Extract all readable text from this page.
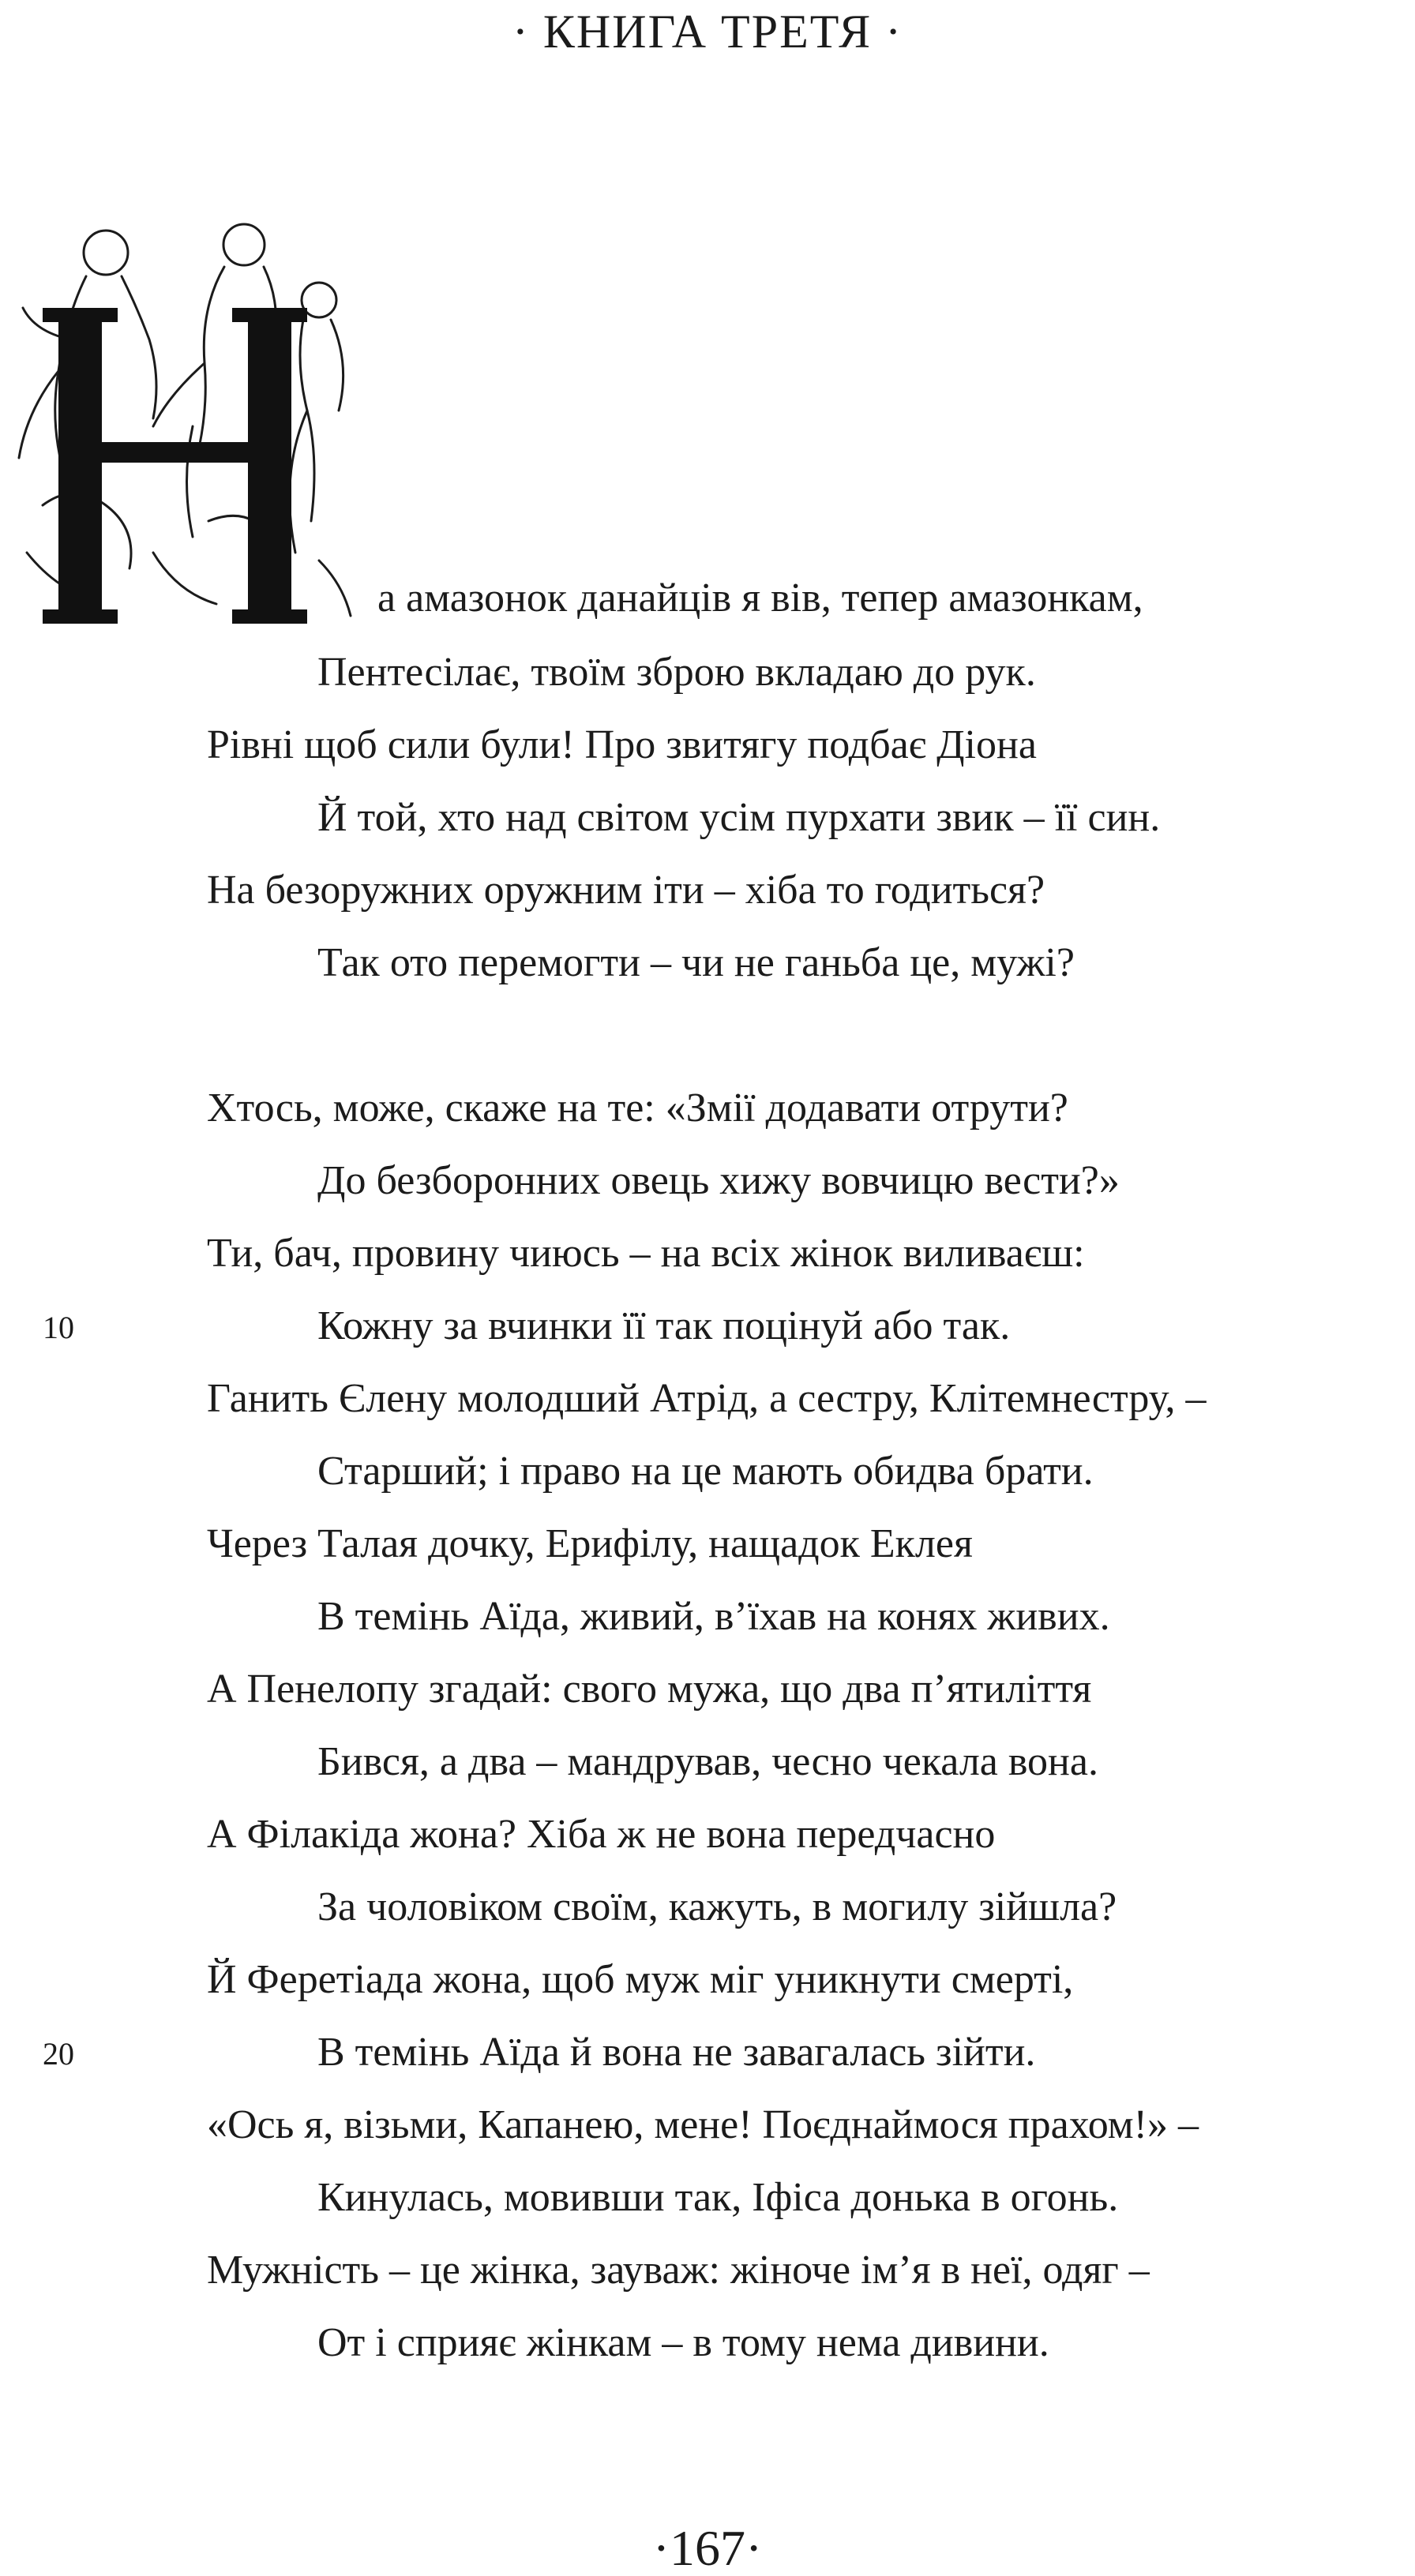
· КНИГА ТРЕТЯ ·
а амазонок данайців я вів, тепер амазонкам,
Пентесілає, твоїм зброю вкладаю до рук.
Рівні щоб сили були! Про звитягу подбає Діона
Й той, хто над світом усім пурхати звик – її син.
На безоружних оружним іти – хіба то годиться?
Так ото перемогти – чи не ганьба це, мужі?
Хтось, може, скаже на те: «Змії додавати отрути?
До безборонних овець хижу вовчицю вести?»
Ти, бач, провину чиюсь – на всіх жінок виливаєш:
Кожну за вчинки її так поцінуй або так.
Ганить Єлену молодший Атрід, а сестру, Клітемнестру, –
Старший; і право на це мають обидва брати.
Через Талая дочку, Ерифілу, нащадок Еклея
В темінь Аїда, живий, в’їхав на конях живих.
А Пенелопу згадай: свого мужа, що два п’ятиліття
Бився, а два – мандрував, чесно чекала вона.
А Філакіда жона? Хіба ж не вона передчасно
За чоловіком своїм, кажуть, в могилу зійшла?
Й Феретіада жона, щоб муж міг уникнути смерті,
В темінь Аїда й вона не завагалась зійти.
«Ось я, візьми, Капанею, мене! Поєднаймося прахом!» –
Кинулась, мовивши так, Іфіса донька в огонь.
Мужність – це жінка, зауваж: жіноче ім’я в неї, одяг –
От і сприяє жінкам – в тому нема дивини.
10
20
·167·
